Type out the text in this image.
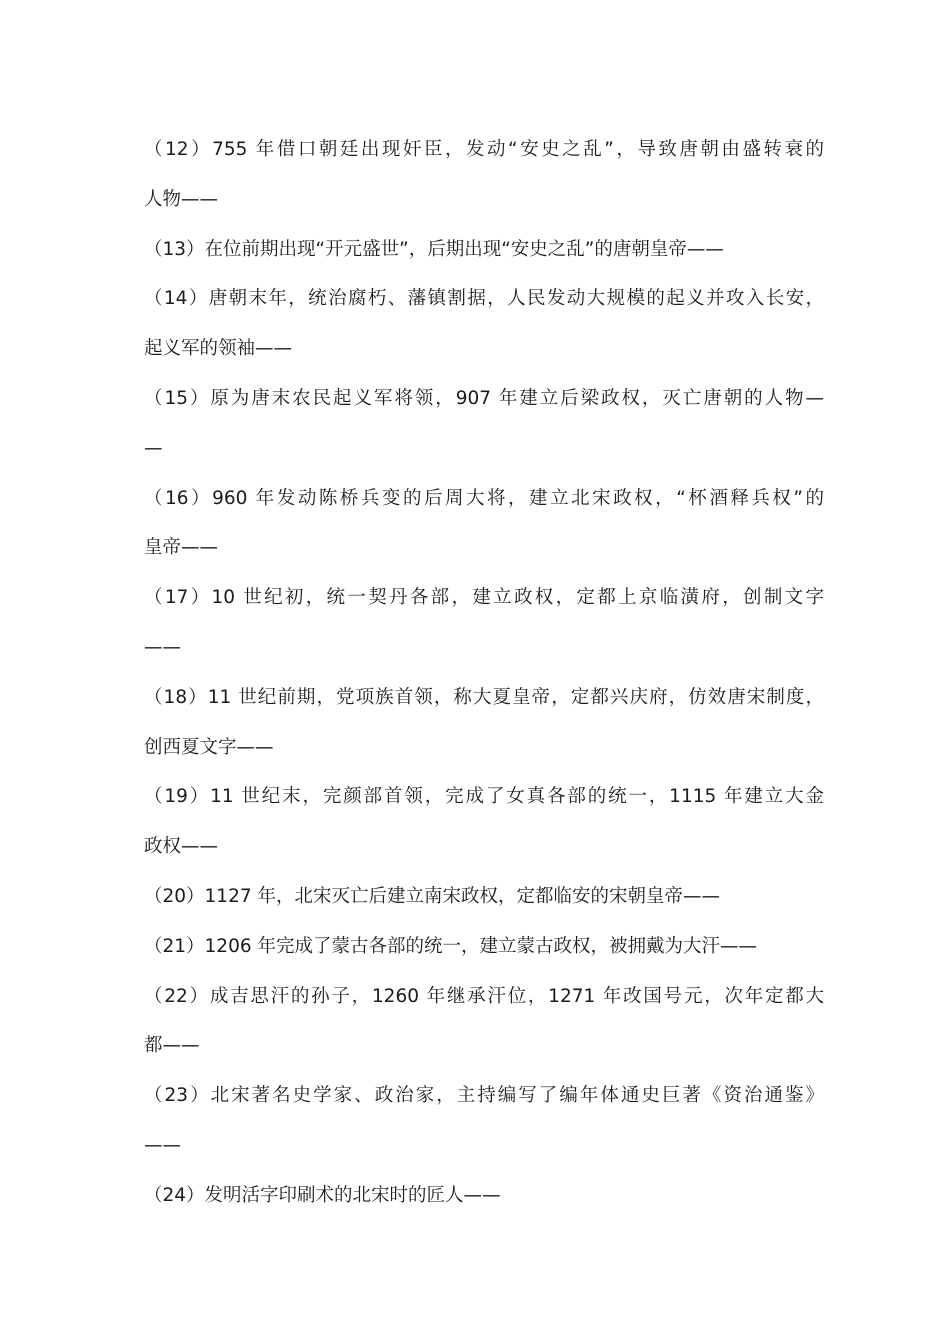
（12）755 年借口朝廷出现奸臣，发动“安史之乱”，导致唐朝由盛转衰的
人物——
（13）在位前期出现“开元盛世”，后期出现“安史之乱”的唐朝皇帝——
（14）唐朝末年，统治腐朽、藩镇割据，人民发动大规模的起义并攻入长安，
起义军的领袖——
（15）原为唐末农民起义军将领，907 年建立后梁政权，灭亡唐朝的人物—
—
（16）960 年发动陈桥兵变的后周大将，建立北宋政权，“杯酒释兵权”的
皇帝——
（17）10 世纪初，统一契丹各部，建立政权，定都上京临潢府，创制文字
——
（18）11 世纪前期，党项族首领，称大夏皇帝，定都兴庆府，仿效唐宋制度，
创西夏文字——
（19）11 世纪末，完颜部首领，完成了女真各部的统一，1115 年建立大金
政权——
（20）1127 年，北宋灭亡后建立南宋政权，定都临安的宋朝皇帝——
（21）1206 年完成了蒙古各部的统一，建立蒙古政权，被拥戴为大汗——
（22）成吉思汗的孙子，1260 年继承汗位，1271 年改国号元，次年定都大
都——
（23）北宋著名史学家、政治家，主持编写了编年体通史巨著《资治通鉴》
——
（24）发明活字印刷术的北宋时的匠人——
